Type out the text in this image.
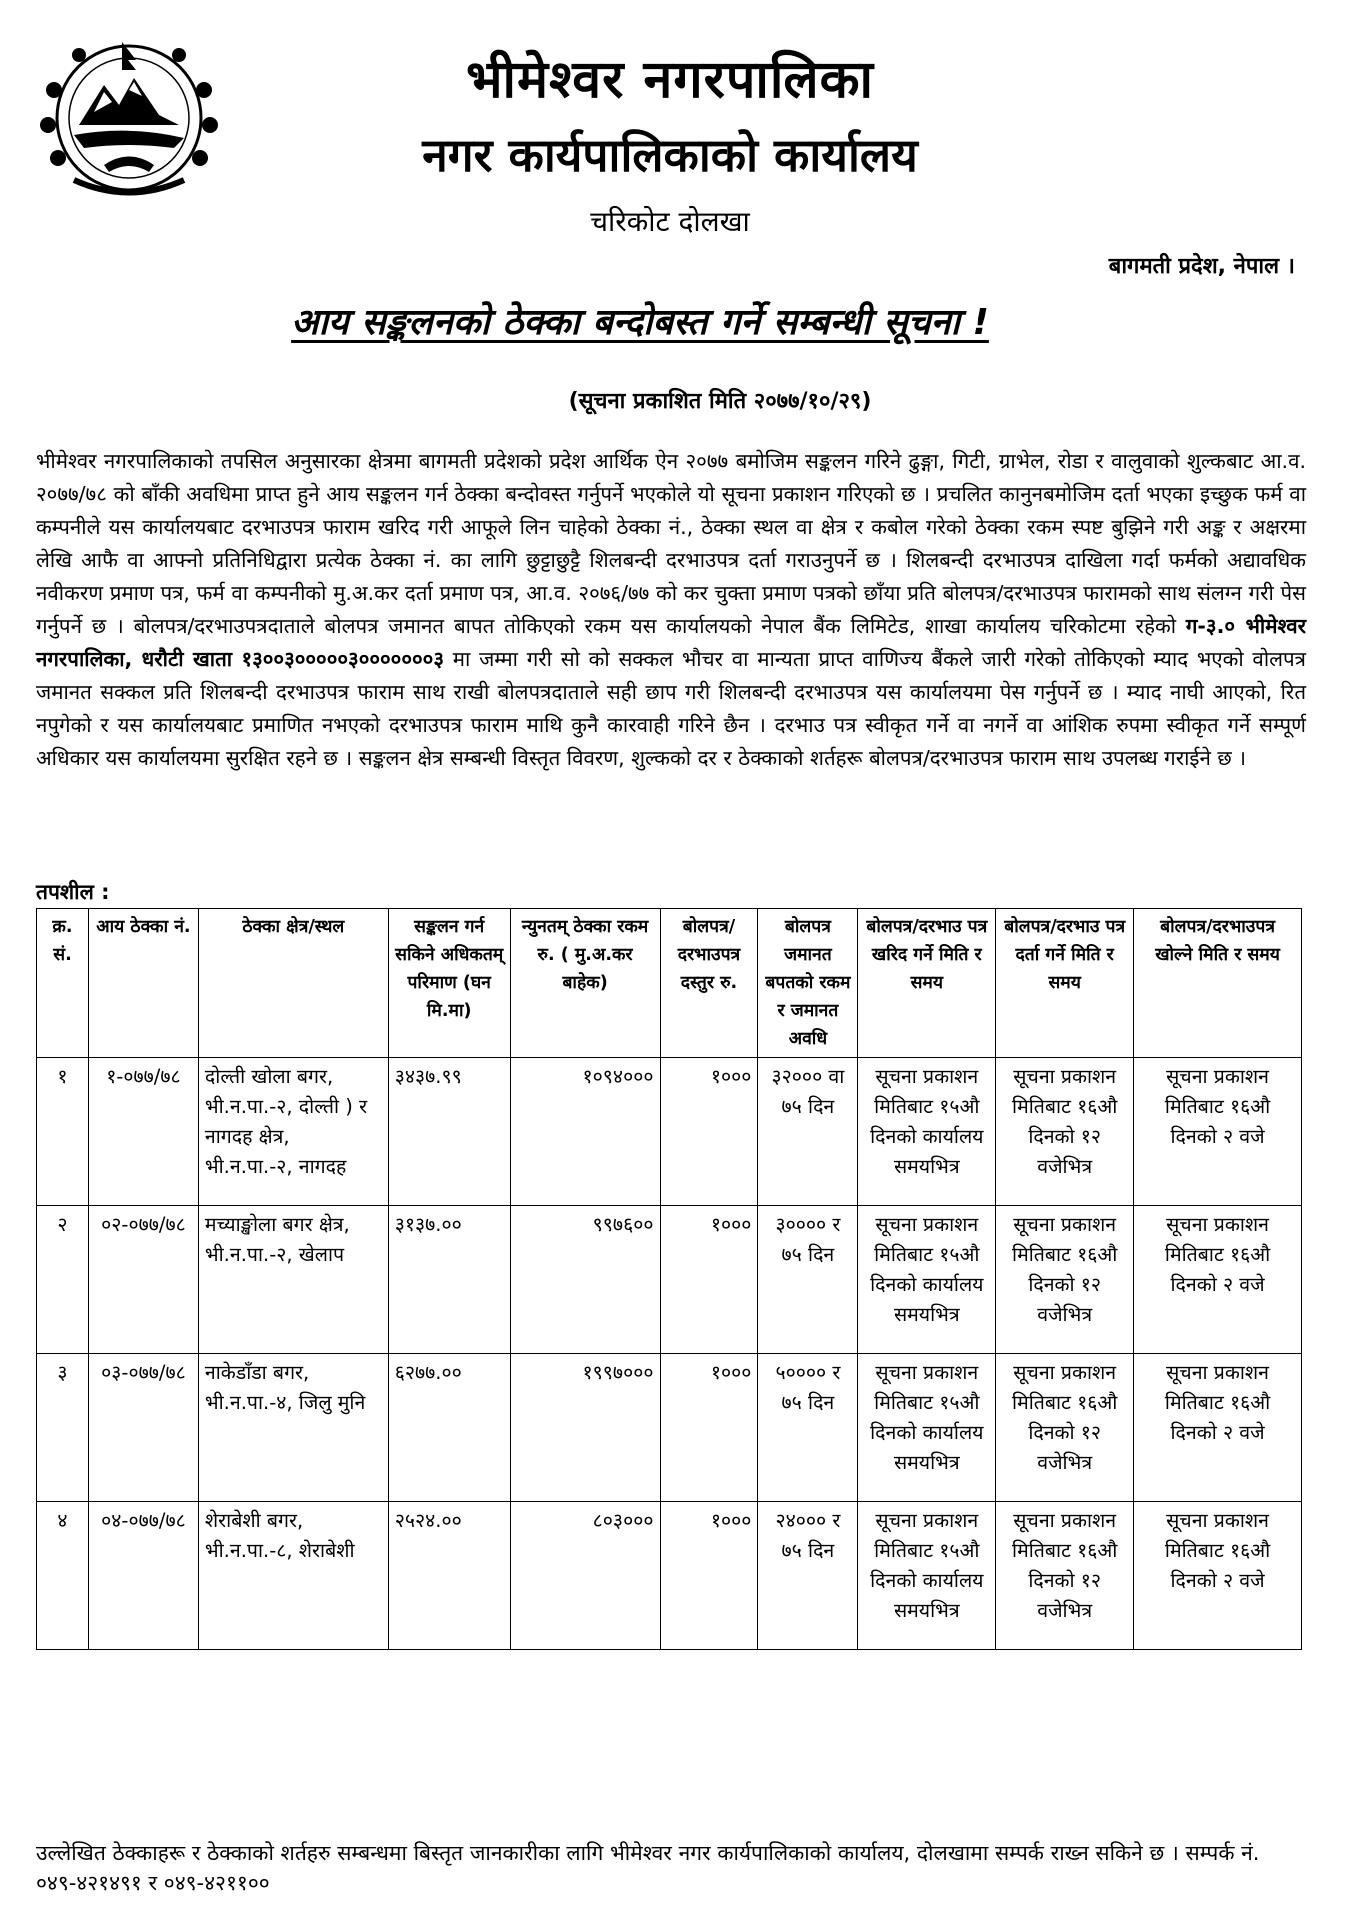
भीमेश्वर नगरपालिका
नगर कार्यपालिकाको कार्यालय
चरिकोट दोलखा
बागमती प्रदेश, नेपाल ।
आय सङ्कलनको ठेक्का बन्दोबस्त गर्ने सम्बन्धी सूचना !
(सूचना प्रकाशित मिति २०७७/१०/२९)
भीमेश्वर नगरपालिकाको तपसिल अनुसारका क्षेत्रमा बागमती प्रदेशको प्रदेश आर्थिक ऐन २०७७ बमोजिम सङ्कलन गरिने ढुङ्गा, गिटी, ग्राभेल, रोडा र वालुवाको शुल्कबाट आ.व. २०७७/७८ को बाँकी अवधिमा प्राप्त हुने आय सङ्कलन गर्न ठेक्का बन्दोवस्त गर्नुपर्ने भएकोले यो सूचना प्रकाशन गरिएको छ । प्रचलित कानुनबमोजिम दर्ता भएका इच्छुक फर्म वा कम्पनीले यस कार्यालयबाट दरभाउपत्र फाराम खरिद गरी आफूले लिन चाहेको ठेक्का नं., ठेक्का स्थल वा क्षेत्र र कबोल गरेको ठेक्का रकम स्पष्ट बुझिने गरी अङ्क र अक्षरमा लेखि आफै वा आफ्नो प्रतिनिधिद्वारा प्रत्येक ठेक्का नं. का लागि छुट्टाछुट्टै शिलबन्दी दरभाउपत्र दर्ता गराउनुपर्ने छ । शिलबन्दी दरभाउपत्र दाखिला गर्दा फर्मको अद्यावधिक नवीकरण प्रमाण पत्र, फर्म वा कम्पनीको मु.अ.कर दर्ता प्रमाण पत्र, आ.व. २०७६/७७ को कर चुक्ता प्रमाण पत्रको छाँया प्रति बोलपत्र/दरभाउपत्र फारामको साथ संलग्न गरी पेस गर्नुपर्ने छ । बोलपत्र/दरभाउपत्रदाताले बोलपत्र जमानत बापत तोकिएको रकम यस कार्यालयको नेपाल बैंक लिमिटेड, शाखा कार्यालय चरिकोटमा रहेको ग-३.० भीमेश्वर नगरपालिका, धरौटी खाता १३००३०००००३०००००००३ मा जम्मा गरी सो को सक्कल भौचर वा मान्यता प्राप्त वाणिज्य बैंकले जारी गरेको तोकिएको म्याद भएको वोलपत्र जमानत सक्कल प्रति शिलबन्दी दरभाउपत्र फाराम साथ राखी बोलपत्रदाताले सही छाप गरी शिलबन्दी दरभाउपत्र यस कार्यालयमा पेस गर्नुपर्ने छ । म्याद नाघी आएको, रित नपुगेको र यस कार्यालयबाट प्रमाणित नभएको दरभाउपत्र फाराम माथि कुनै कारवाही गरिने छैन । दरभाउ पत्र स्वीकृत गर्ने वा नगर्ने वा आंशिक रुपमा स्वीकृत गर्ने सम्पूर्ण अधिकार यस कार्यालयमा सुरक्षित रहने छ । सङ्कलन क्षेत्र सम्बन्धी विस्तृत विवरण, शुल्कको दर र ठेक्काको शर्तहरू बोलपत्र/दरभाउपत्र फाराम साथ उपलब्ध गराईने छ ।
तपशील :
क्र. सं.	आय ठेक्का नं.	ठेक्का क्षेत्र/स्थल	सङ्कलन गर्न सकिने अधिकतम् परिमाण (घन मि.मा)	न्युनतम् ठेक्का रकम रु. ( मु.अ.कर बाहेक)	बोलपत्र/दरभाउपत्र दस्तुर रु.	बोलपत्र जमानत बपतको रकम र जमानत अवधि	बोलपत्र/दरभाउ पत्र खरिद गर्ने मिति र समय	बोलपत्र/दरभाउ पत्र दर्ता गर्ने मिति र समय	बोलपत्र/दरभाउपत्र खोल्ने मिति र समय
१	१-०७७/७८	दोल्ती खोला बगर, भी.न.पा.-२, दोल्ती ) र नागदह क्षेत्र, भी.न.पा.-२, नागदह	३४३७.९९	१०९४०००	१०००	३२००० वा ७५ दिन	सूचना प्रकाशन मितिबाट १५औ दिनको कार्यालय समयभित्र	सूचना प्रकाशन मितिबाट १६औ दिनको १२ वजेभित्र	सूचना प्रकाशन मितिबाट १६औ दिनको २ वजे
२	०२-०७७/७८	मच्याङ्खोला बगर क्षेत्र, भी.न.पा.-२, खेलाप	३१३७.००	९९७६००	१०००	३०००० र ७५ दिन	सूचना प्रकाशन मितिबाट १५औ दिनको कार्यालय समयभित्र	सूचना प्रकाशन मितिबाट १६औ दिनको १२ वजेभित्र	सूचना प्रकाशन मितिबाट १६औ दिनको २ वजे
३	०३-०७७/७८	नाकेडाँडा बगर, भी.न.पा.-४, जिलु मुनि	६२७७.००	१९९७०००	१०००	५०००० र ७५ दिन	सूचना प्रकाशन मितिबाट १५औ दिनको कार्यालय समयभित्र	सूचना प्रकाशन मितिबाट १६औ दिनको १२ वजेभित्र	सूचना प्रकाशन मितिबाट १६औ दिनको २ वजे
४	०४-०७७/७८	शेराबेशी बगर, भी.न.पा.-८, शेराबेशी	२५२४.००	८०३०००	१०००	२४००० र ७५ दिन	सूचना प्रकाशन मितिबाट १५औ दिनको कार्यालय समयभित्र	सूचना प्रकाशन मितिबाट १६औ दिनको १२ वजेभित्र	सूचना प्रकाशन मितिबाट १६औ दिनको २ वजे
उल्लेखित ठेक्काहरू र ठेक्काको शर्तहरु सम्बन्धमा बिस्तृत जानकारीका लागि भीमेश्वर नगर कार्यपालिकाको कार्यालय, दोलखामा सम्पर्क राख्न सकिने छ । सम्पर्क नं. ०४९-४२१४९१ र ०४९-४२११००
